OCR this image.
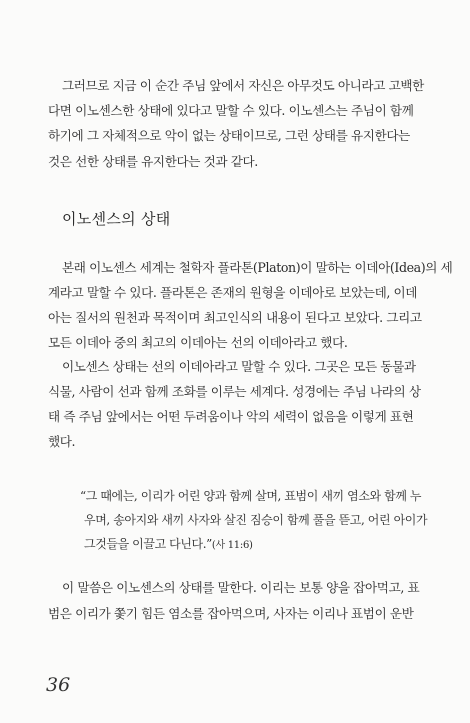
그러므로 지금 이 순간 주님 앞에서 자신은 아무것도 아니라고 고백한
다면 이노센스한 상태에 있다고 말할 수 있다. 이노센스는 주님이 함께
하기에 그 자체적으로 악이 없는 상태이므로, 그런 상태를 유지한다는
것은 선한 상태를 유지한다는 것과 같다.
이노센스의 상태
본래 이노센스 세계는 철학자 플라톤(Platon)이 말하는 이데아(Idea)의 세
계라고 말할 수 있다. 플라톤은 존재의 원형을 이데아로 보았는데, 이데
아는 질서의 원천과 목적이며 최고인식의 내용이 된다고 보았다. 그리고
모든 이데아 중의 최고의 이데아는 선의 이데아라고 했다.
이노센스 상태는 선의 이데아라고 말할 수 있다. 그곳은 모든 동물과
식물, 사람이 선과 함께 조화를 이루는 세계다. 성경에는 주님 나라의 상
태 즉 주님 앞에서는 어떤 두려움이나 악의 세력이 없음을 이렇게 표현
했다.
“그 때에는, 이리가 어린 양과 함께 살며, 표범이 새끼 염소와 함께 누
우며, 송아지와 새끼 사자와 살진 짐승이 함께 풀을 뜯고, 어린 아이가
그것들을 이끌고 다닌다.”(사 11:6)
이 말씀은 이노센스의 상태를 말한다. 이리는 보통 양을 잡아먹고, 표
범은 이리가 쫓기 힘든 염소를 잡아먹으며, 사자는 이리나 표범이 운반
36
